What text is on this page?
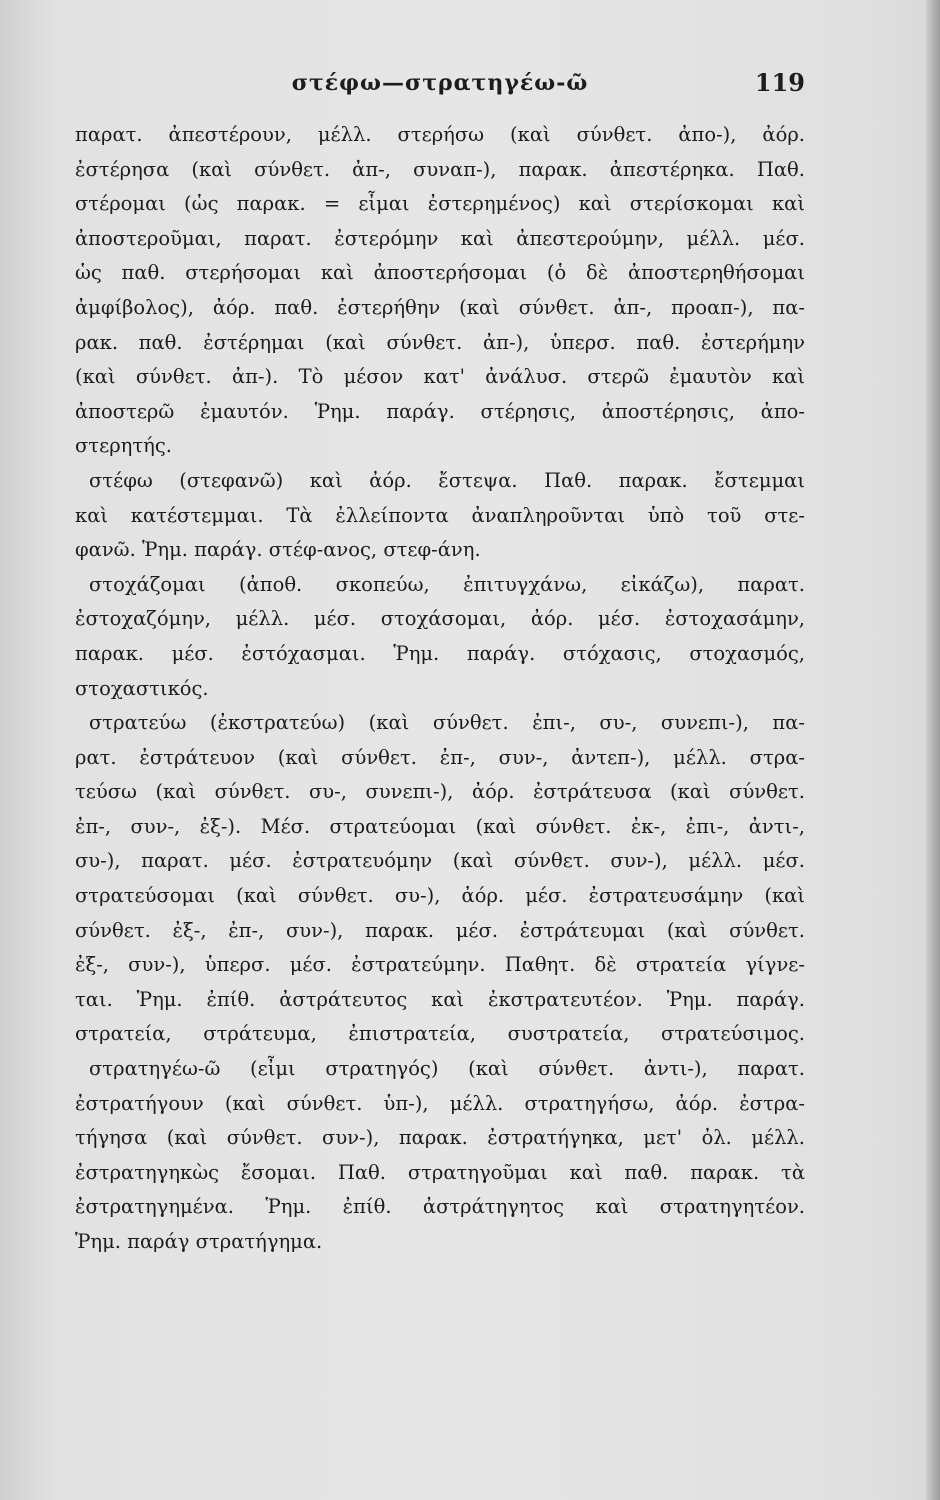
στέφω—στρατηγέω-ῶ	119
παρατ. ἀπεστέρουν, μέλλ. στερήσω (καὶ σύνθετ. ἀπο-), ἀόρ.
ἐστέρησα (καὶ σύνθετ. ἀπ-, συναπ-), παρακ. ἀπεστέρηκα. Παθ.
στέρομαι (ὡς παρακ. = εἶμαι ἐστερημένος) καὶ στερίσκομαι καὶ
ἀποστεροῦμαι, παρατ. ἐστερόμην καὶ ἀπεστερούμην, μέλλ. μέσ.
ὡς παθ. στερήσομαι καὶ ἀποστερήσομαι (ὁ δὲ ἀποστερηθήσομαι
ἀμφίβολος), ἀόρ. παθ. ἐστερήθην (καὶ σύνθετ. ἀπ-, προαπ-), πα-
ρακ. παθ. ἐστέρημαι (καὶ σύνθετ. ἀπ-), ὑπερσ. παθ. ἐστερήμην
(καὶ σύνθετ. ἀπ-). Τὸ μέσον κατ' ἀνάλυσ. στερῶ ἐμαυτὸν καὶ
ἀποστερῶ ἐμαυτόν. Ῥημ. παράγ. στέρησις, ἀποστέρησις, ἀπο-
στερητής.
στέφω (στεφανῶ) καὶ ἀόρ. ἔστεψα. Παθ. παρακ. ἔστεμμαι
καὶ κατέστεμμαι. Τὰ ἐλλείποντα ἀναπληροῦνται ὑπὸ τοῦ στε-
φανῶ. Ῥημ. παράγ. στέφ-ανος, στεφ-άνη.
στοχάζομαι (ἀποθ. σκοπεύω, ἐπιτυγχάνω, εἰκάζω), παρατ.
ἐστοχαζόμην, μέλλ. μέσ. στοχάσομαι, ἀόρ. μέσ. ἐστοχασάμην,
παρακ. μέσ. ἐστόχασμαι. Ῥημ. παράγ. στόχασις, στοχασμός,
στοχαστικός.
στρατεύω (ἐκστρατεύω) (καὶ σύνθετ. ἐπι-, συ-, συνεπι-), πα-
ρατ. ἐστράτευον (καὶ σύνθετ. ἐπ-, συν-, ἀντεπ-), μέλλ. στρα-
τεύσω (καὶ σύνθετ. συ-, συνεπι-), ἀόρ. ἐστράτευσα (καὶ σύνθετ.
ἐπ-, συν-, ἐξ-). Μέσ. στρατεύομαι (καὶ σύνθετ. ἐκ-, ἐπι-, ἀντι-,
συ-), παρατ. μέσ. ἐστρατευόμην (καὶ σύνθετ. συν-), μέλλ. μέσ.
στρατεύσομαι (καὶ σύνθετ. συ-), ἀόρ. μέσ. ἐστρατευσάμην (καὶ
σύνθετ. ἐξ-, ἐπ-, συν-), παρακ. μέσ. ἐστράτευμαι (καὶ σύνθετ.
ἐξ-, συν-), ὑπερσ. μέσ. ἐστρατεύμην. Παθητ. δὲ στρατεία γίγνε-
ται. Ῥημ. ἐπίθ. ἀστράτευτος καὶ ἐκστρατευτέον. Ῥημ. παράγ.
στρατεία, στράτευμα, ἐπιστρατεία, συστρατεία, στρατεύσιμος.
στρατηγέω-ῶ (εἶμι στρατηγός) (καὶ σύνθετ. ἀντι-), παρατ.
ἐστρατήγουν (καὶ σύνθετ. ὑπ-), μέλλ. στρατηγήσω, ἀόρ. ἐστρα-
τήγησα (καὶ σύνθετ. συν-), παρακ. ἐστρατήγηκα, μετ' ὀλ. μέλλ.
ἐστρατηγηκὼς ἔσομαι. Παθ. στρατηγοῦμαι καὶ παθ. παρακ. τὰ
ἐστρατηγημένα. Ῥημ. ἐπίθ. ἀστράτηγητος καὶ στρατηγητέον.
Ῥημ. παράγ στρατήγημα.
